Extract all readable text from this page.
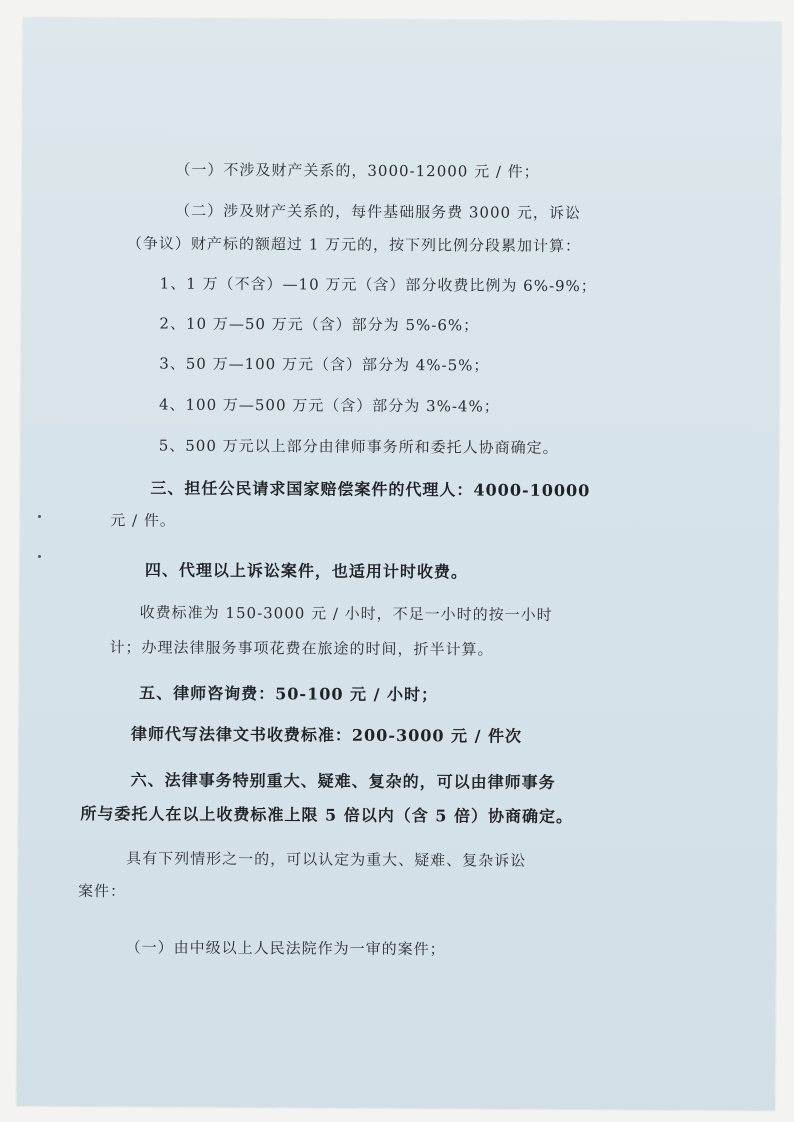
（一）不涉及财产关系的，3000-12000 元 / 件；
（二）涉及财产关系的，每件基础服务费 3000 元，诉讼
（争议）财产标的额超过 1 万元的，按下列比例分段累加计算：
1、1 万（不含）—10 万元（含）部分收费比例为 6%-9%；
2、10 万—50 万元（含）部分为 5%-6%；
3、50 万—100 万元（含）部分为 4%-5%；
4、100 万—500 万元（含）部分为 3%-4%；
5、500 万元以上部分由律师事务所和委托人协商确定。
三、担任公民请求国家赔偿案件的代理人：4000-10000
元 / 件。
四、代理以上诉讼案件，也适用计时收费。
收费标准为 150-3000 元 / 小时，不足一小时的按一小时
计；办理法律服务事项花费在旅途的时间，折半计算。
五、律师咨询费：50-100 元 / 小时；
律师代写法律文书收费标准：200-3000 元 / 件次
六、法律事务特别重大、疑难、复杂的，可以由律师事务
所与委托人在以上收费标准上限 5 倍以内（含 5 倍）协商确定。
具有下列情形之一的，可以认定为重大、疑难、复杂诉讼
案件：
（一）由中级以上人民法院作为一审的案件；
